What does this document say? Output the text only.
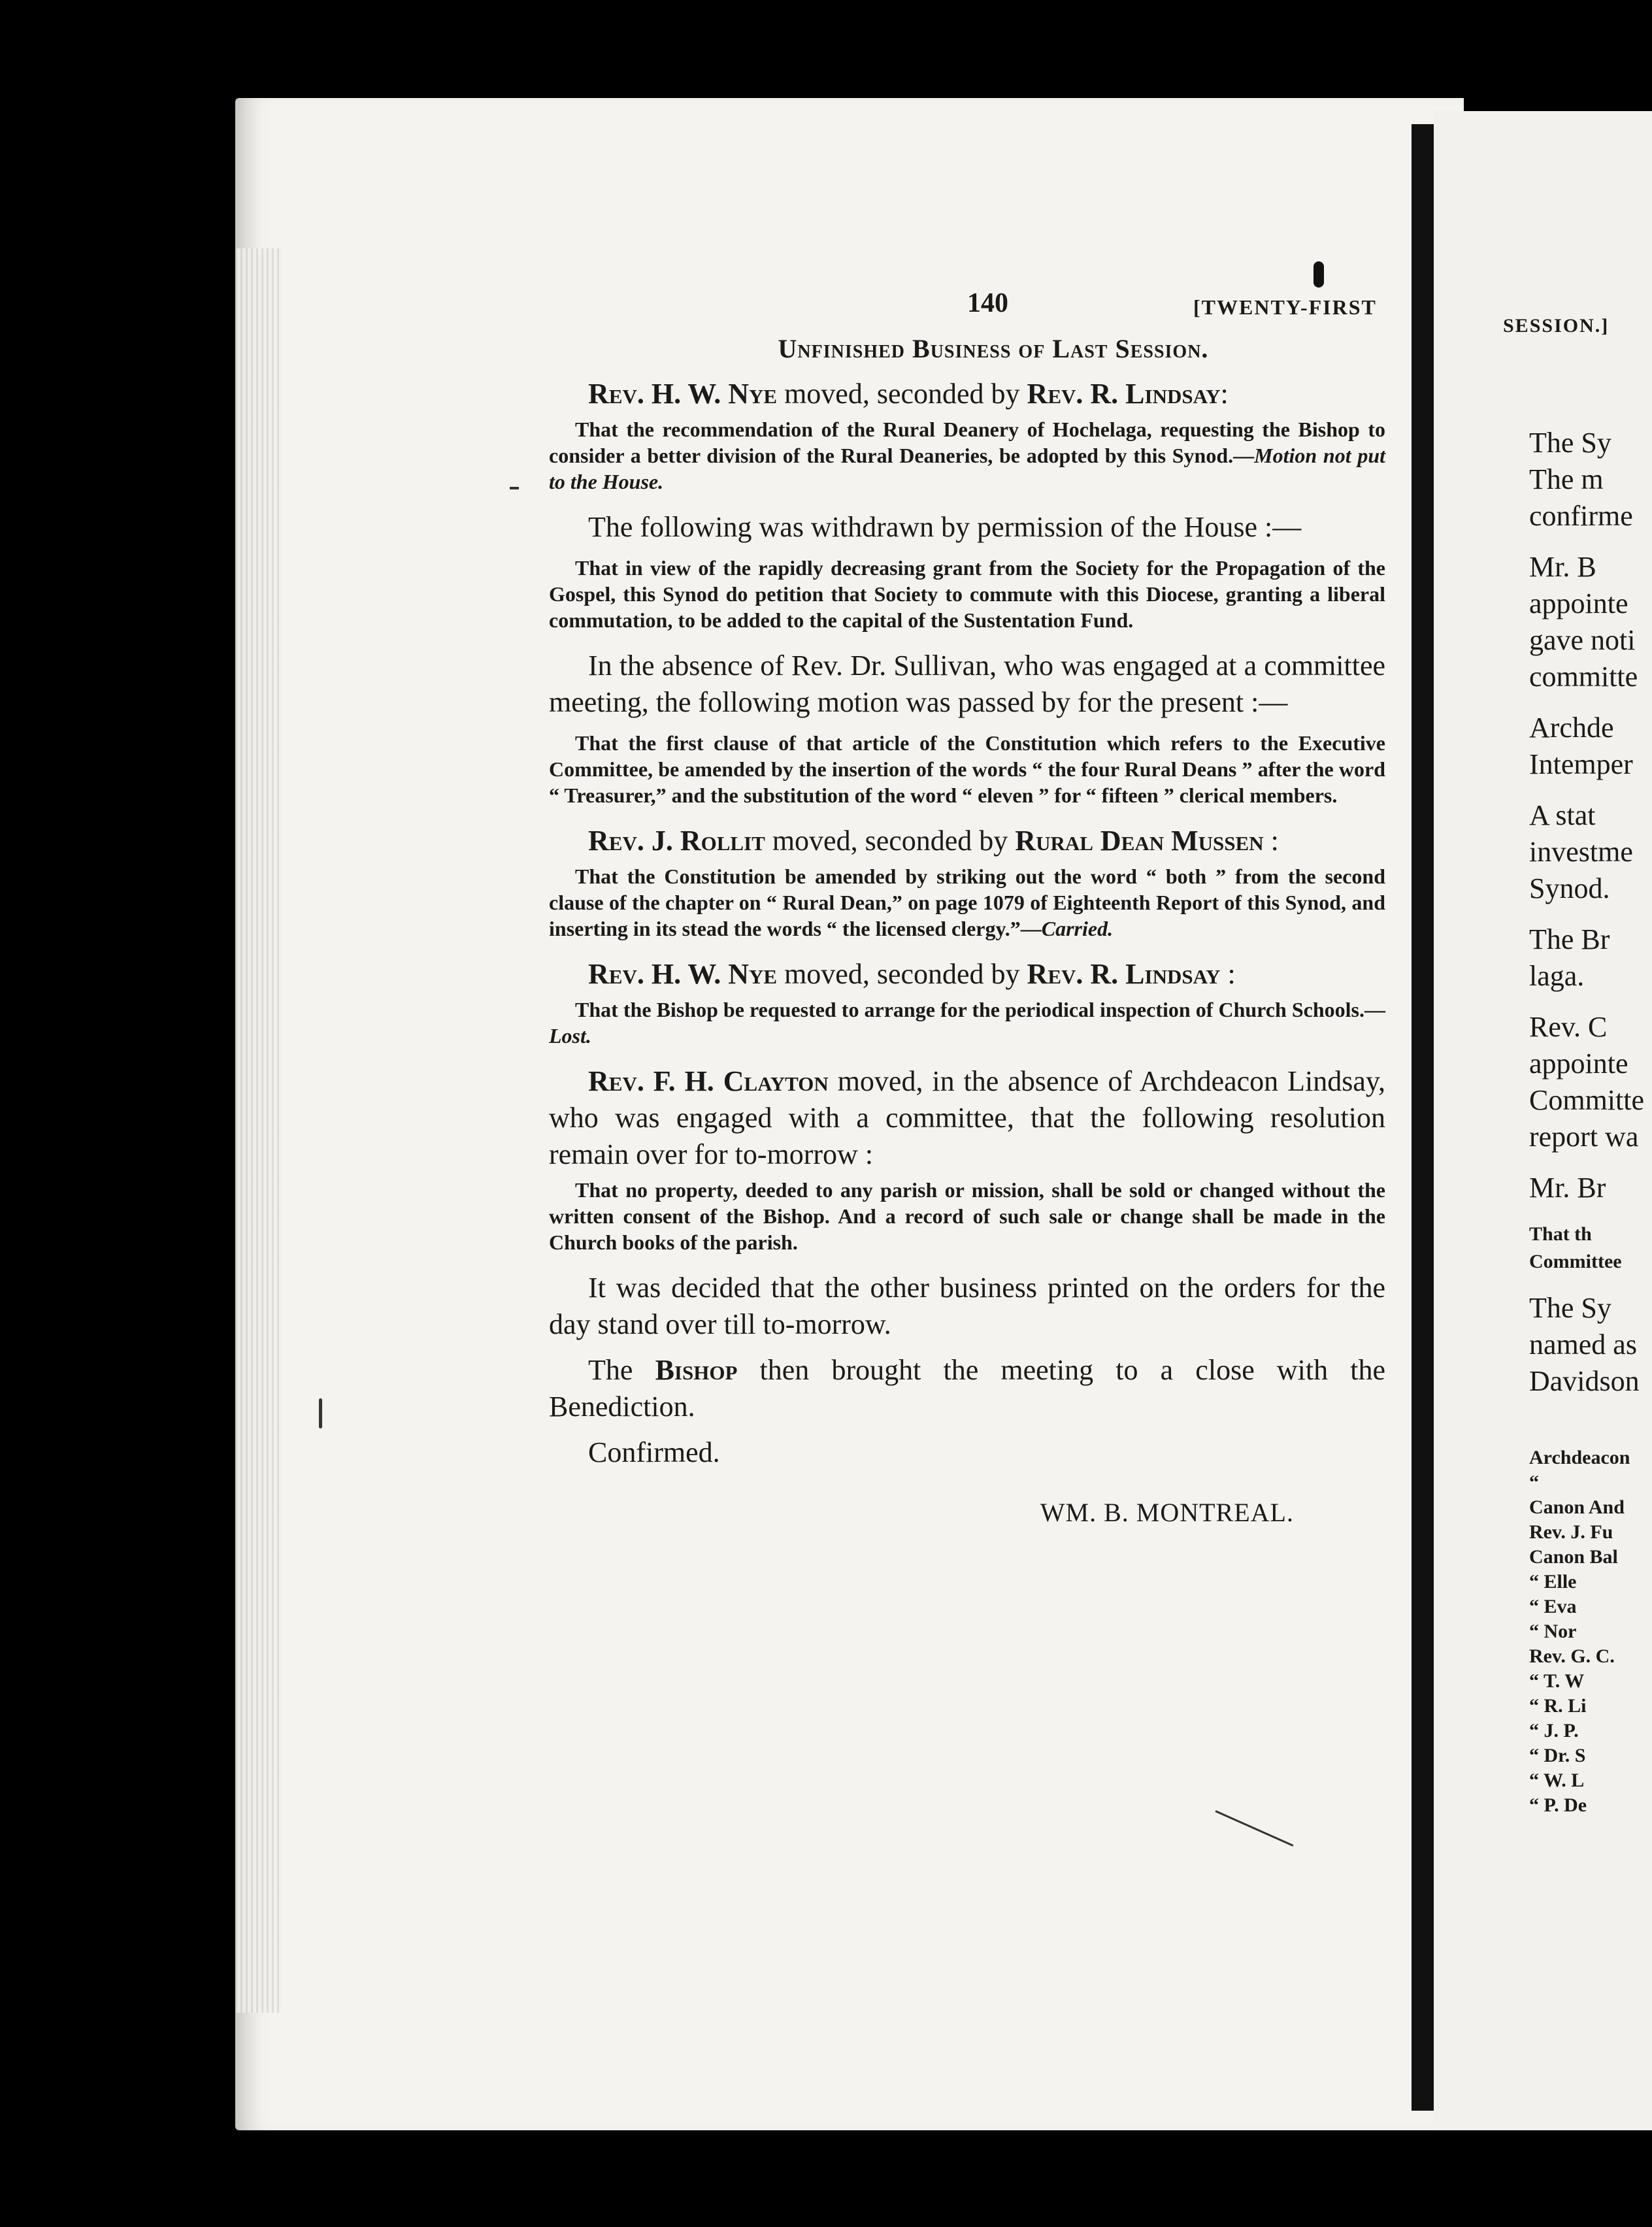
140	[TWENTY-FIRST
Unfinished Business of Last Session.

Rev. H. W. Nye moved, seconded by Rev. R. Lindsay:

That the recommendation of the Rural Deanery of Hochelaga, requesting the Bishop to consider a better division of the Rural Deaneries, be adopted by this Synod.—Motion not put to the House.

The following was withdrawn by permission of the House :—

That in view of the rapidly decreasing grant from the Society for the Propagation of the Gospel, this Synod do petition that Society to commute with this Diocese, granting a liberal commutation, to be added to the capital of the Sustentation Fund.

In the absence of Rev. Dr. Sullivan, who was engaged at a committee meeting, the following motion was passed by for the present :—

That the first clause of that article of the Constitution which refers to the Executive Committee, be amended by the insertion of the words “ the four Rural Deans ” after the word “ Treasurer,” and the substitution of the word “ eleven ” for “ fifteen ” clerical members.

Rev. J. Rollit moved, seconded by Rural Dean Mussen :

That the Constitution be amended by striking out the word “ both ” from the second clause of the chapter on “ Rural Dean,” on page 1079 of Eighteenth Report of this Synod, and inserting in its stead the words “ the licensed clergy.”—Carried.

Rev. H. W. Nye moved, seconded by Rev. R. Lindsay :

That the Bishop be requested to arrange for the periodical inspection of Church Schools.—Lost.

Rev. F. H. Clayton moved, in the absence of Archdeacon Lindsay, who was engaged with a committee, that the following resolution remain over for to-morrow :

That no property, deeded to any parish or mission, shall be sold or changed without the written consent of the Bishop. And a record of such sale or change shall be made in the Church books of the parish.

It was decided that the other business printed on the orders for the day stand over till to-morrow.

The Bishop then brought the meeting to a close with the Benediction.

Confirmed.

WM. B. MONTREAL.
SESSION.]
The Sy
The m
confirme
Mr. B
appointe
gave noti
committe
Archde
Intemper
A stat
investme
Synod.
The Br
laga.
Rev. C
appointe
Committe
report wa
Mr. Br
That th
Committee
The Sy
named as
Davidson
Archdeacon
“
Canon And
Rev. J. Fu
Canon Bal
“ Elle
“ Eva
“ Nor
Rev. G. C.
“ T. W
“ R. Li
“ J. P.
“ Dr. S
“ W. L
“ P. De
